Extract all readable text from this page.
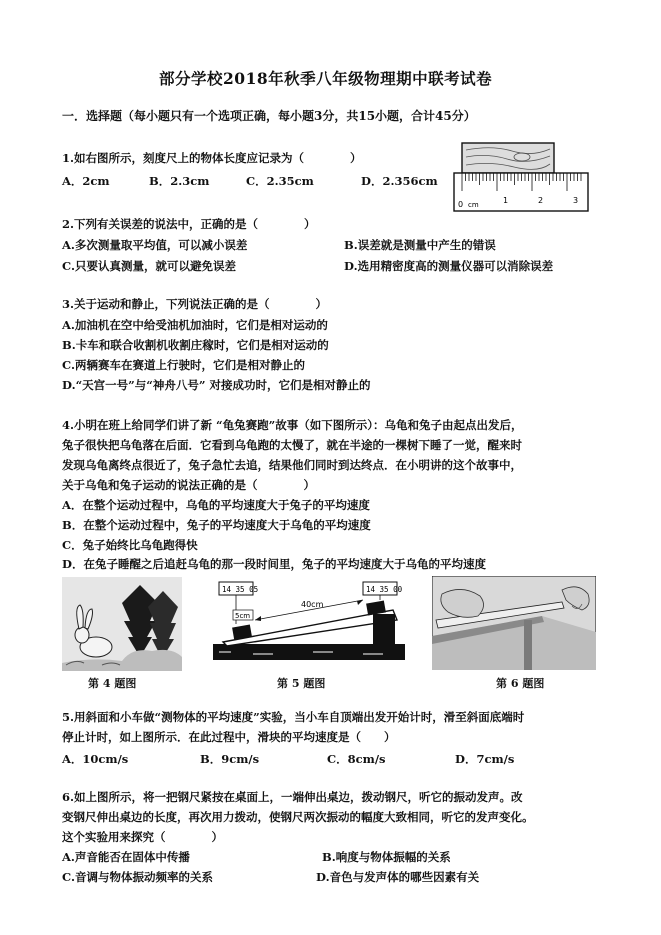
部分学校2018年秋季八年级物理期中联考试卷
一．选择题（每小题只有一个选项正确，每小题3分，共15小题，合计45分）
1.如右图所示，刻度尺上的物体长度应记录为（　　　　）
A．2cm	B．2.3cm	C．2.35cm	D．2.356cm
0 cm	1	2	3
2.下列有关误差的说法中，正确的是（　　　　）
A.多次测量取平均值，可以减小误差	B.误差就是测量中产生的错误
C.只要认真测量，就可以避免误差	D.选用精密度高的测量仪器可以消除误差
3.关于运动和静止，下列说法正确的是（　　　　）
A.加油机在空中给受油机加油时，它们是相对运动的
B.卡车和联合收割机收割庄稼时，它们是相对运动的
C.两辆赛车在赛道上行驶时，它们是相对静止的
D.“天宫一号”与“神舟八号” 对接成功时，它们是相对静止的
4.小明在班上给同学们讲了新 “龟兔赛跑”故事（如下图所示）：乌龟和兔子由起点出发后，
兔子很快把乌龟落在后面．它看到乌龟跑的太慢了，就在半途的一棵树下睡了一觉，醒来时
发现乌龟离终点很近了，兔子急忙去追，结果他们同时到达终点．在小明讲的这个故事中，
关于乌龟和兔子运动的说法正确的是（　　　　）
A．在整个运动过程中，乌龟的平均速度大于兔子的平均速度
B．在整个运动过程中，兔子的平均速度大于乌龟的平均速度
C．兔子始终比乌龟跑得快
D．在兔子睡醒之后追赶乌龟的那一段时间里，兔子的平均速度大于乌龟的平均速度
第 4 题图
14 35 05	14 35 00
5cm
40cm
第 5 题图	第 6 题图
5.用斜面和小车做“测物体的平均速度”实验，当小车自顶端出发开始计时，滑至斜面底端时
停止计时，如上图所示．在此过程中，滑块的平均速度是（　　）
A．10cm/s	B．9cm/s	C．8cm/s	D．7cm/s
6.如上图所示，将一把钢尺紧按在桌面上，一端伸出桌边，拨动钢尺，听它的振动发声。改
变钢尺伸出桌边的长度，再次用力拨动，使钢尺两次振动的幅度大致相同，听它的发声变化。
这个实验用来探究（　　　　）
A.声音能否在固体中传播	B.响度与物体振幅的关系
C.音调与物体振动频率的关系	D.音色与发声体的哪些因素有关
